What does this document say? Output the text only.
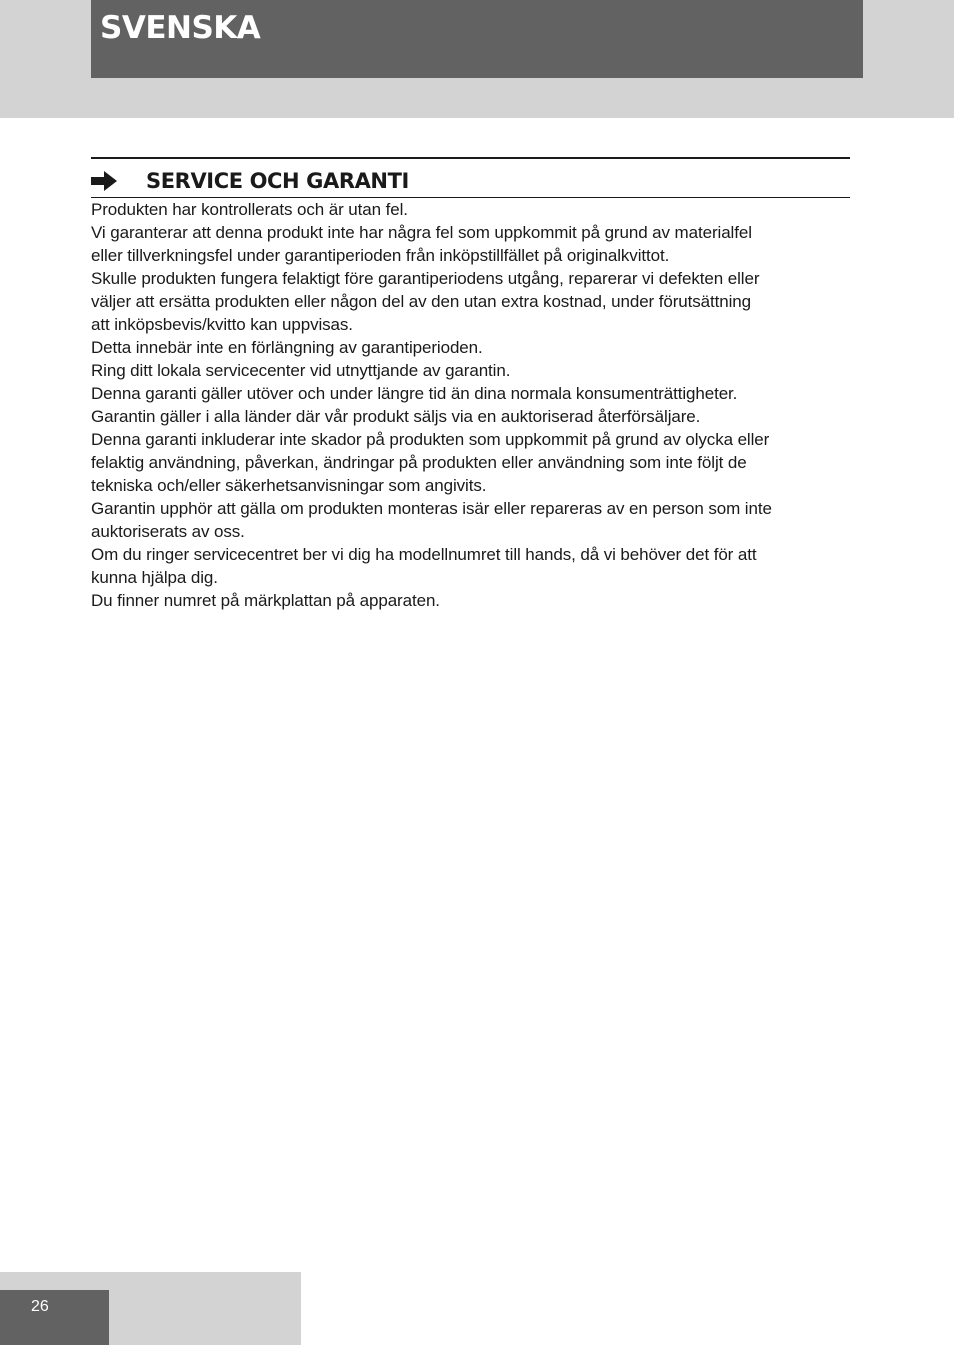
SVENSKA
SERVICE OCH GARANTI
Produkten har kontrollerats och är utan fel.
Vi garanterar att denna produkt inte har några fel som uppkommit på grund av materialfel
eller tillverkningsfel under garantiperioden från inköpstillfället på originalkvittot.
Skulle produkten fungera felaktigt före garantiperiodens utgång, reparerar vi defekten eller
väljer att ersätta produkten eller någon del av den utan extra kostnad, under förutsättning
att inköpsbevis/kvitto kan uppvisas.
Detta innebär inte en förlängning av garantiperioden.
Ring ditt lokala servicecenter vid utnyttjande av garantin.
Denna garanti gäller utöver och under längre tid än dina normala konsumenträttigheter.
Garantin gäller i alla länder där vår produkt säljs via en auktoriserad återförsäljare.
Denna garanti inkluderar inte skador på produkten som uppkommit på grund av olycka eller
felaktig användning, påverkan, ändringar på produkten eller användning som inte följt de
tekniska och/eller säkerhetsanvisningar som angivits.
Garantin upphör att gälla om produkten monteras isär eller repareras av en person som inte
auktoriserats av oss.
Om du ringer servicecentret ber vi dig ha modellnumret till hands, då vi behöver det för att
kunna hjälpa dig.
Du finner numret på märkplattan på apparaten.
26
